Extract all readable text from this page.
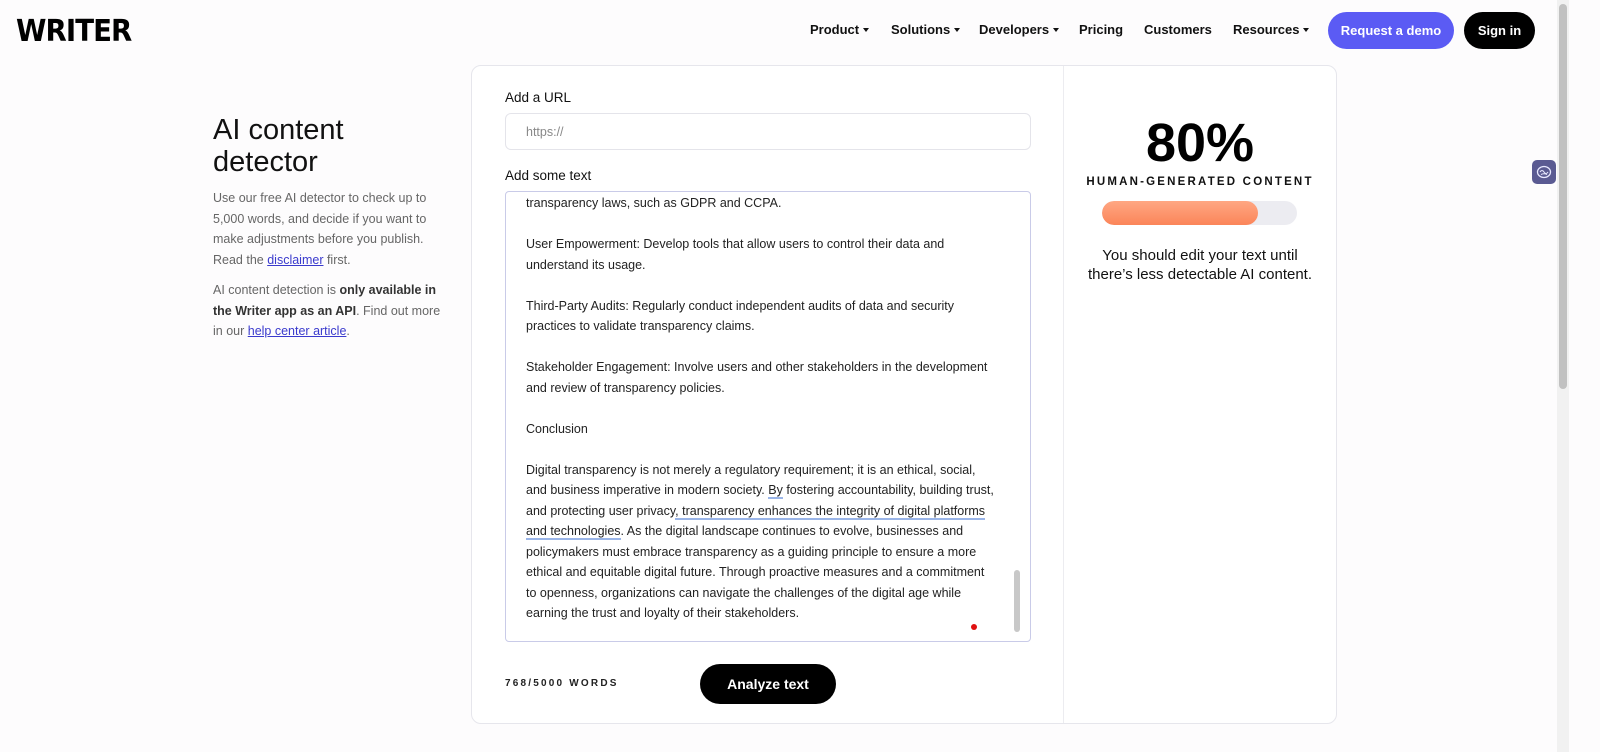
WRITER	Product Solutions Developers Pricing Customers Resources	Request a demo	Sign in
AI content detector

Use our free AI detector to check up to 5,000 words, and decide if you want to make adjustments before you publish. Read the disclaimer first.

AI content detection is only available in the Writer app as an API. Find out more in our help center article.

Add a URL
https://
Add some text

transparency laws, such as GDPR and CCPA.

User Empowerment: Develop tools that allow users to control their data and understand its usage.

Third-Party Audits: Regularly conduct independent audits of data and security practices to validate transparency claims.

Stakeholder Engagement: Involve users and other stakeholders in the development and review of transparency policies.

Conclusion

Digital transparency is not merely a regulatory requirement; it is an ethical, social, and business imperative in modern society. By fostering accountability, building trust, and protecting user privacy, transparency enhances the integrity of digital platforms and technologies. As the digital landscape continues to evolve, businesses and policymakers must embrace transparency as a guiding principle to ensure a more ethical and equitable digital future. Through proactive measures and a commitment to openness, organizations can navigate the challenges of the digital age while earning the trust and loyalty of their stakeholders.

768/5000 WORDS	Analyze text
80%
HUMAN-GENERATED CONTENT
You should edit your text until there’s less detectable AI content.
